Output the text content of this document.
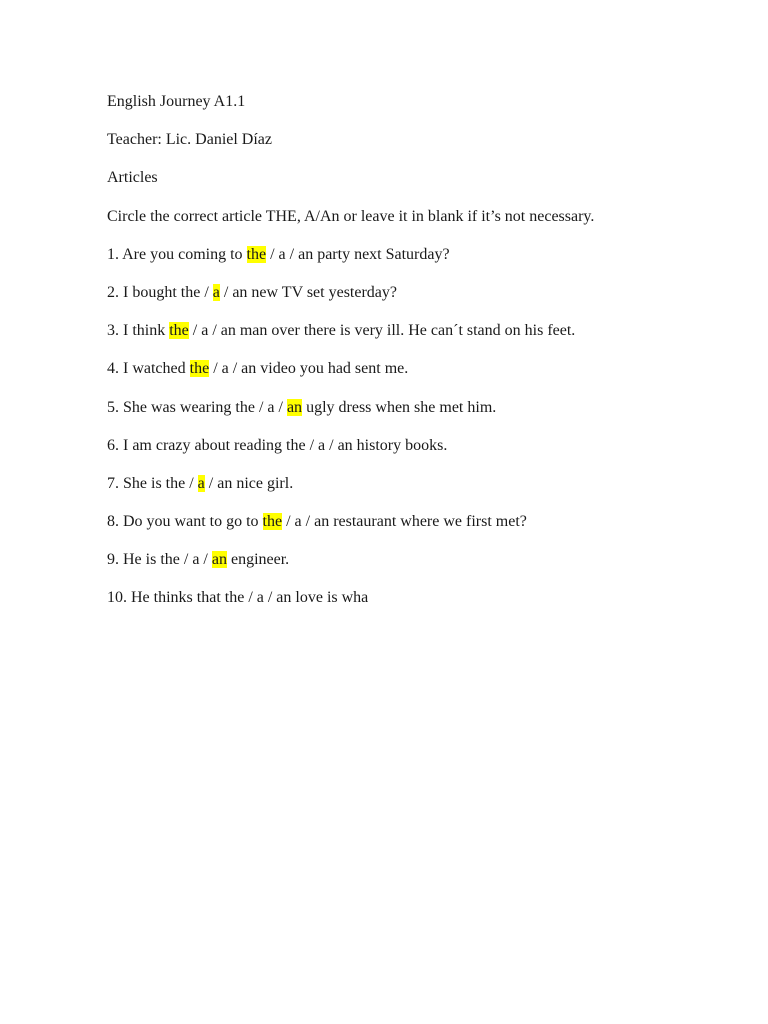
English Journey A1.1
Teacher: Lic. Daniel Díaz
Articles
Circle the correct article THE, A/An or leave it in blank if it’s not necessary.
1. Are you coming to the / a / an party next Saturday?
2. I bought the / a / an new TV set yesterday?
3. I think the / a / an man over there is very ill. He can´t stand on his feet.
4. I watched the / a / an video you had sent me.
5. She was wearing the / a / an ugly dress when she met him.
6. I am crazy about reading the / a / an history books.
7. She is the / a / an nice girl.
8. Do you want to go to the / a / an restaurant where we first met?
9. He is the / a / an engineer.
10. He thinks that the / a / an love is wha
